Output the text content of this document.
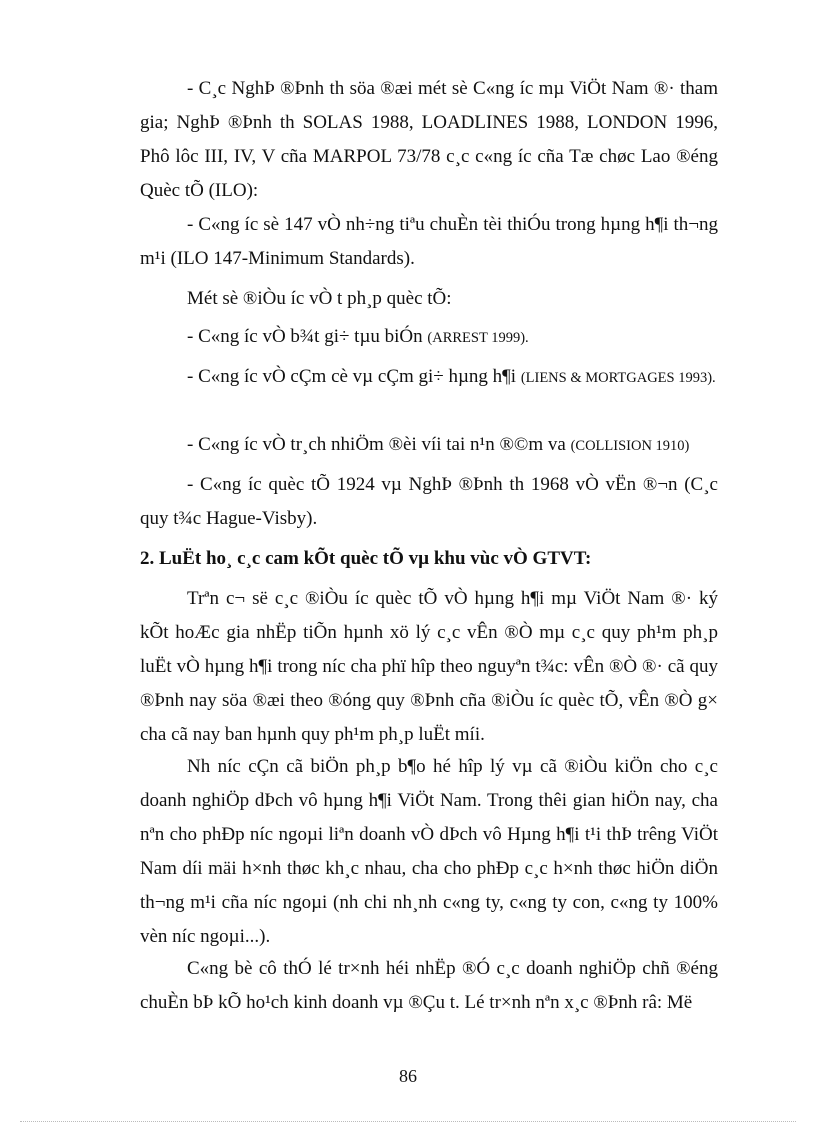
- C¸c NghÞ ®Þnh th söa ®æi mét sè C«ng íc mµ ViÖt Nam ®· tham gia; NghÞ ®Þnh th SOLAS 1988, LOADLINES 1988, LONDON 1996, Phô lôc III, IV, V cña MARPOL 73/78 c¸c c«ng íc cña Tæ chøc Lao ®éng Quèc tÕ (ILO):

- C«ng íc sè 147 vÒ nh÷ng tiªu chuÈn tèi thiÓu trong hµng h¶i th¬ng m¹i (ILO 147-Minimum Standards).

Mét sè ®iÒu íc vÒ t ph¸p quèc tÕ:

- C«ng íc vÒ b¾t gi÷ tµu biÓn (ARREST 1999).

- C«ng íc vÒ cÇm cè vµ cÇm gi÷ hµng h¶i (LIENS & MORTGAGES 1993).

- C«ng íc vÒ tr¸ch nhiÖm ®èi víi tai n¹n ®©m va (COLLISION 1910)

- C«ng íc quèc tÕ 1924 vµ NghÞ ®Þnh th 1968 vÒ vËn ®¬n (C¸c quy t¾c Hague-Visby).

2. LuËt ho¸ c¸c cam kÕt quèc tÕ vµ khu vùc vÒ GTVT:

Trªn c¬ së c¸c ®iÒu íc quèc tÕ vÒ hµng h¶i mµ ViÖt Nam ®· ký kÕt hoÆc gia nhËp tiÕn hµnh xö lý c¸c vÊn ®Ò mµ c¸c quy ph¹m ph¸p luËt vÒ hµng h¶i trong níc cha phï hîp theo nguyªn t¾c: vÊn ®Ò ®· cã quy ®Þnh nay söa ®æi theo ®óng quy ®Þnh cña ®iÒu íc quèc tÕ, vÊn ®Ò g× cha cã nay ban hµnh quy ph¹m ph¸p luËt míi.

Nh níc cÇn cã biÖn ph¸p b¶o hé hîp lý vµ cã ®iÒu kiÖn cho c¸c doanh nghiÖp dÞch vô hµng h¶i ViÖt Nam. Trong thêi gian hiÖn nay, cha nªn cho phÐp níc ngoµi liªn doanh vÒ dÞch vô Hµng h¶i t¹i thÞ trêng ViÖt Nam díi mäi h×nh thøc kh¸c nhau, cha cho phÐp c¸c h×nh thøc hiÖn diÖn th¬ng m¹i cña níc ngoµi (nh chi nh¸nh c«ng ty, c«ng ty con, c«ng ty 100% vèn níc ngoµi...).

C«ng bè cô thÓ lé tr×nh héi nhËp ®Ó c¸c doanh nghiÖp chñ ®éng chuÈn bÞ kÕ ho¹ch kinh doanh vµ ®Çu t. Lé tr×nh nªn x¸c ®Þnh râ: Më

86
